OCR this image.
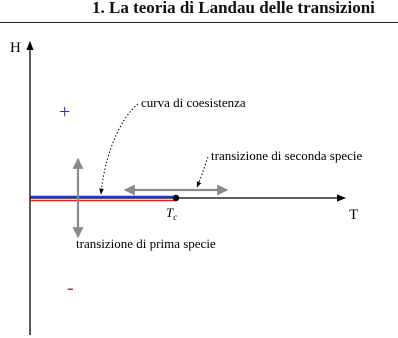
1. La teoria di Landau delle transizioni
H
T
$T_c$
+
-
curva di coesistenza
transizione di seconda specie
transizione di prima specie
